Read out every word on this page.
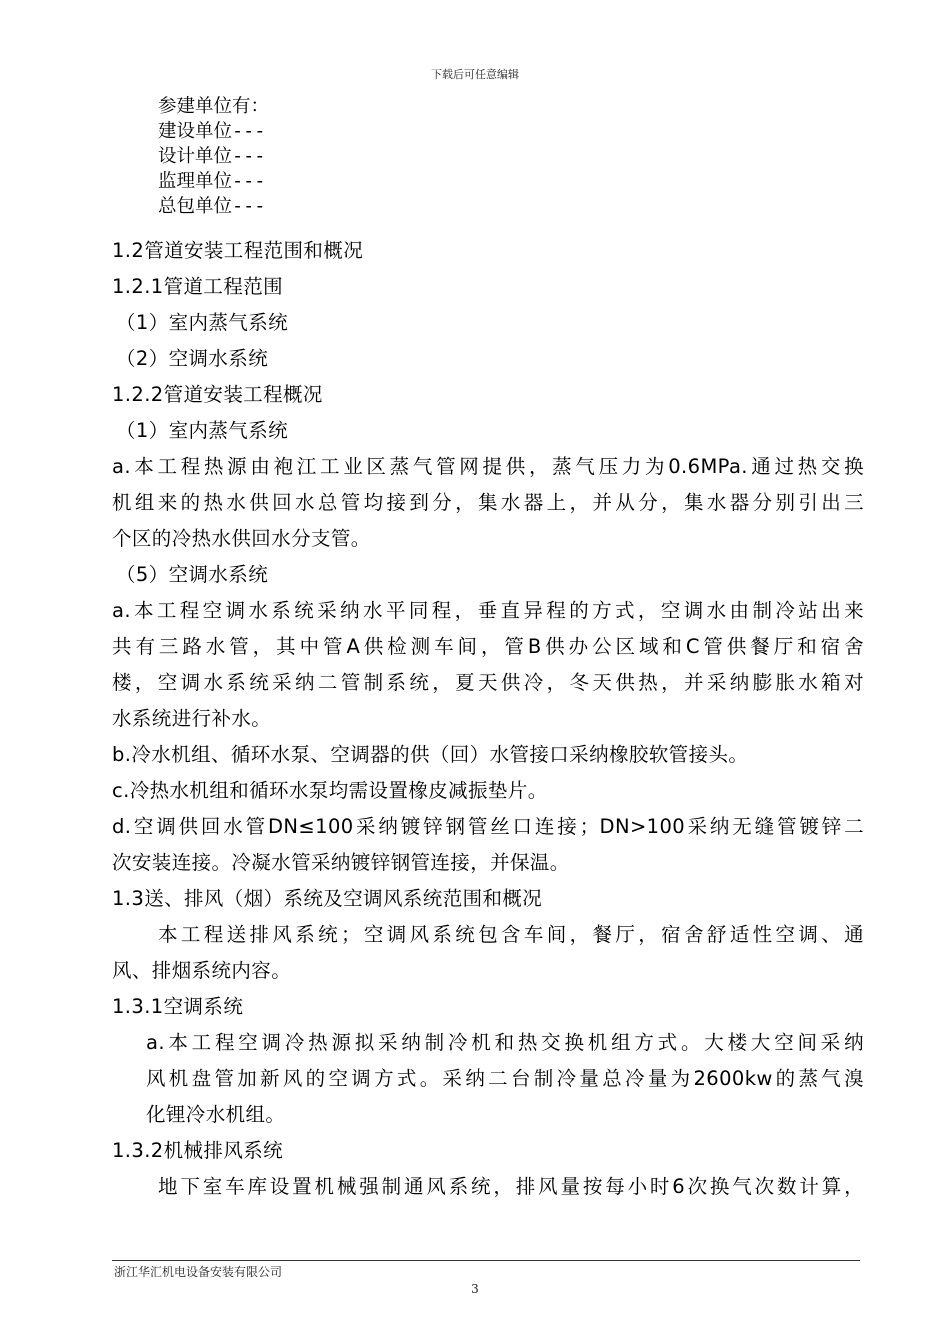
下载后可任意编辑
参建单位有：
建设单位---
设计单位---
监理单位---
总包单位---
1.2管道安装工程范围和概况
1.2.1管道工程范围
（1）室内蒸气系统
（2）空调水系统
1.2.2管道安装工程概况
（1）室内蒸气系统
a.本工程热源由袍江工业区蒸气管网提供，蒸气压力为0.6MPa.通过热交换
机组来的热水供回水总管均接到分，集水器上，并从分，集水器分别引出三
个区的冷热水供回水分支管。
（5）空调水系统
a.本工程空调水系统采纳水平同程，垂直异程的方式，空调水由制冷站出来
共有三路水管，其中管A供检测车间，管B供办公区域和C管供餐厅和宿舍
楼，空调水系统采纳二管制系统，夏天供冷，冬天供热，并采纳膨胀水箱对
水系统进行补水。
b.冷水机组、循环水泵、空调器的供（回）水管接口采纳橡胶软管接头。
c.冷热水机组和循环水泵均需设置橡皮减振垫片。
d.空调供回水管DN≤100采纳镀锌钢管丝口连接；DN>100采纳无缝管镀锌二
次安装连接。冷凝水管采纳镀锌钢管连接，并保温。
1.3送、排风（烟）系统及空调风系统范围和概况
本工程送排风系统；空调风系统包含车间，餐厅，宿舍舒适性空调、通
风、排烟系统内容。
1.3.1空调系统
a.本工程空调冷热源拟采纳制冷机和热交换机组方式。大楼大空间采纳
风机盘管加新风的空调方式。采纳二台制冷量总冷量为2600kw的蒸气溴
化锂冷水机组。
1.3.2机械排风系统
地下室车库设置机械强制通风系统，排风量按每小时6次换气次数计算，
浙江华汇机电设备安装有限公司
3
